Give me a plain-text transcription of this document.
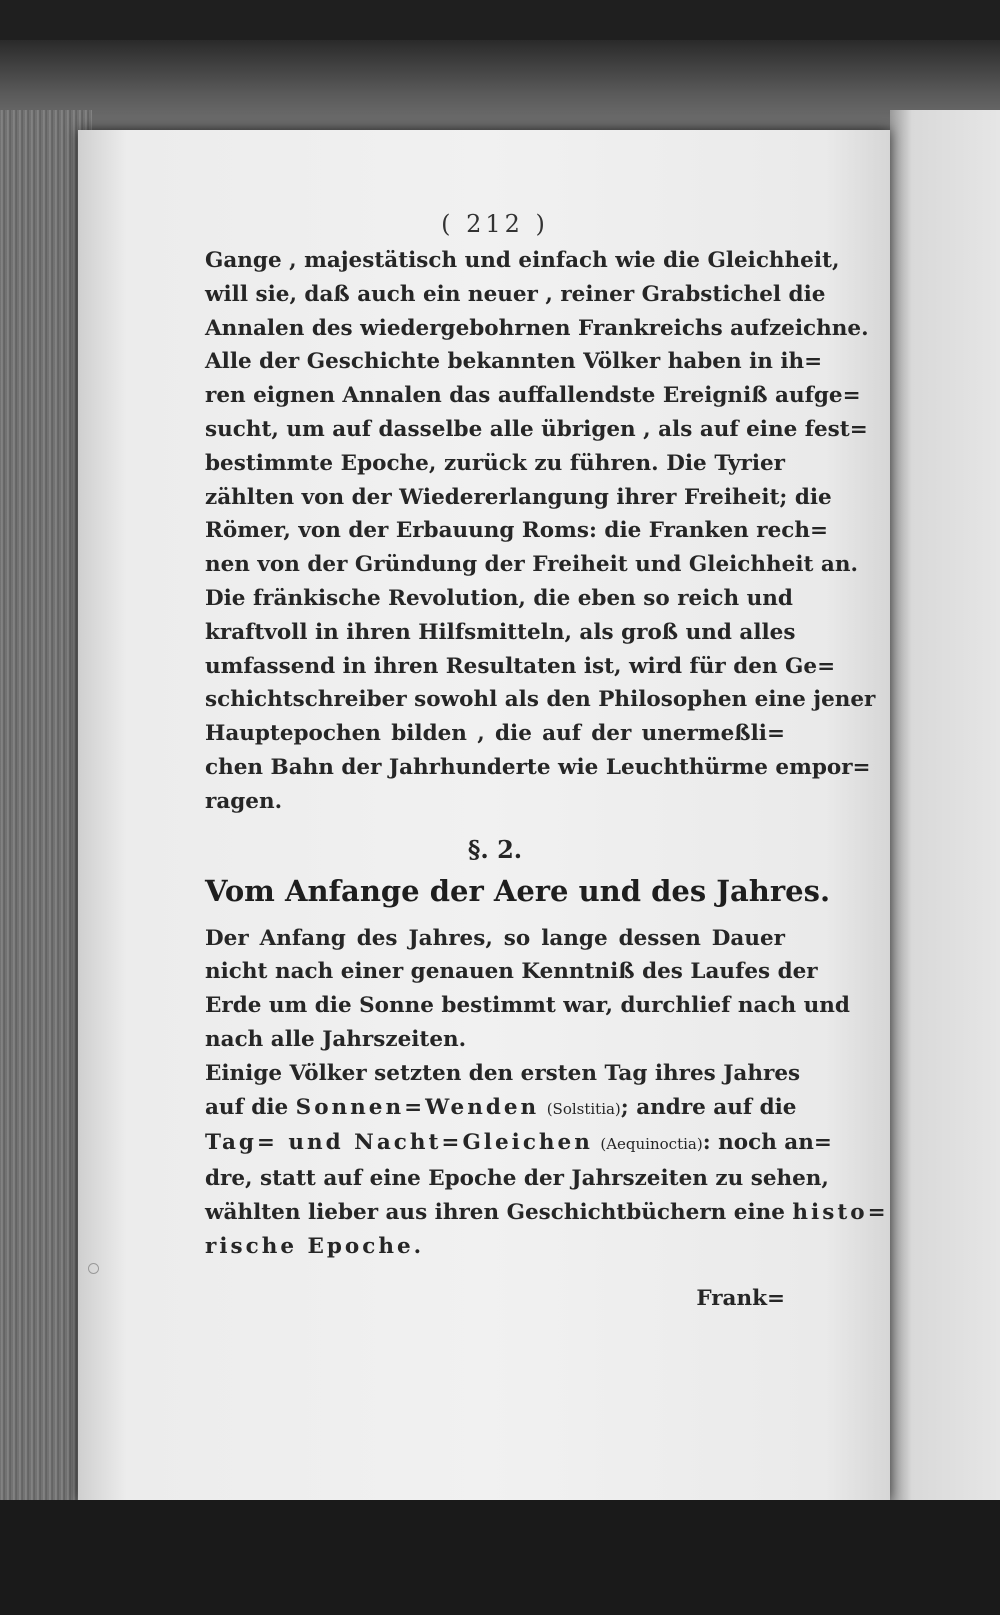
( 212 )
Gange , majestätisch und einfach wie die Gleichheit,
will sie, daß auch ein neuer , reiner Grabstichel die
Annalen des wiedergebohrnen Frankreichs aufzeichne.
Alle der Geschichte bekannten Völker haben in ih=
ren eignen Annalen das auffallendste Ereigniß aufge=
sucht, um auf dasselbe alle übrigen , als auf eine fest=
bestimmte Epoche, zurück zu führen. Die Tyrier
zählten von der Wiedererlangung ihrer Freiheit; die
Römer, von der Erbauung Roms: die Franken rech=
nen von der Gründung der Freiheit und Gleichheit an.
Die fränkische Revolution, die eben so reich und
kraftvoll in ihren Hilfsmitteln, als groß und alles
umfassend in ihren Resultaten ist, wird für den Ge=
schichtschreiber sowohl als den Philosophen eine jener
Hauptepochen bilden , die auf der unermeßli=
chen Bahn der Jahrhunderte wie Leuchthürme empor=
ragen.
§. 2.
Vom Anfange der Aere und des Jahres.
Der Anfang des Jahres, so lange dessen Dauer
nicht nach einer genauen Kenntniß des Laufes der
Erde um die Sonne bestimmt war, durchlief nach und
nach alle Jahrszeiten.
Einige Völker setzten den ersten Tag ihres Jahres
auf die Sonnen=Wenden (Solstitia); andre auf die
Tag= und Nacht=Gleichen (Aequinoctia): noch an=
dre, statt auf eine Epoche der Jahrszeiten zu sehen,
wählten lieber aus ihren Geschichtbüchern eine histo=
rische Epoche.
Frank=
